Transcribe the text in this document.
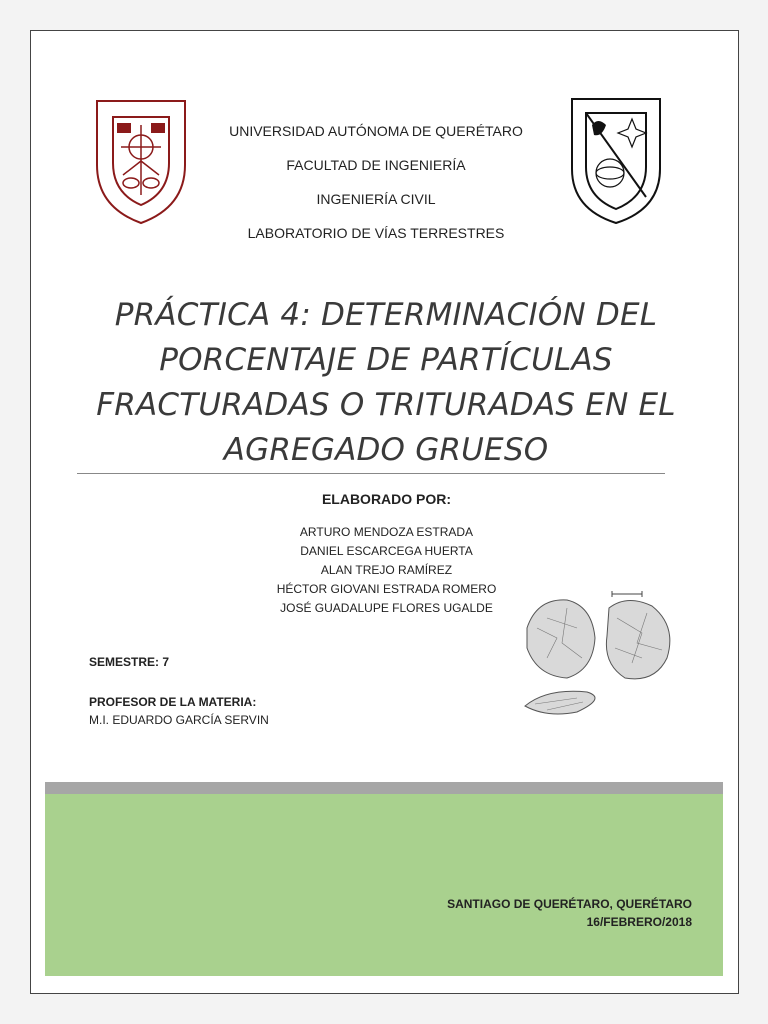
UNIVERSIDAD AUTÓNOMA DE QUERÉTARO
FACULTAD DE INGENIERÍA
INGENIERÍA CIVIL
LABORATORIO DE VÍAS TERRESTRES
PRÁCTICA 4: DETERMINACIÓN DEL
PORCENTAJE DE PARTÍCULAS
FRACTURADAS O TRITURADAS EN EL
AGREGADO GRUESO
ELABORADO POR:
ARTURO MENDOZA ESTRADA
DANIEL ESCARCEGA HUERTA
ALAN TREJO RAMÍREZ
HÉCTOR GIOVANI ESTRADA ROMERO
JOSÉ GUADALUPE FLORES UGALDE
SEMESTRE: 7
PROFESOR DE LA MATERIA:
M.I. EDUARDO GARCÍA SERVIN
SANTIAGO DE QUERÉTARO, QUERÉTARO
16/FEBRERO/2018
